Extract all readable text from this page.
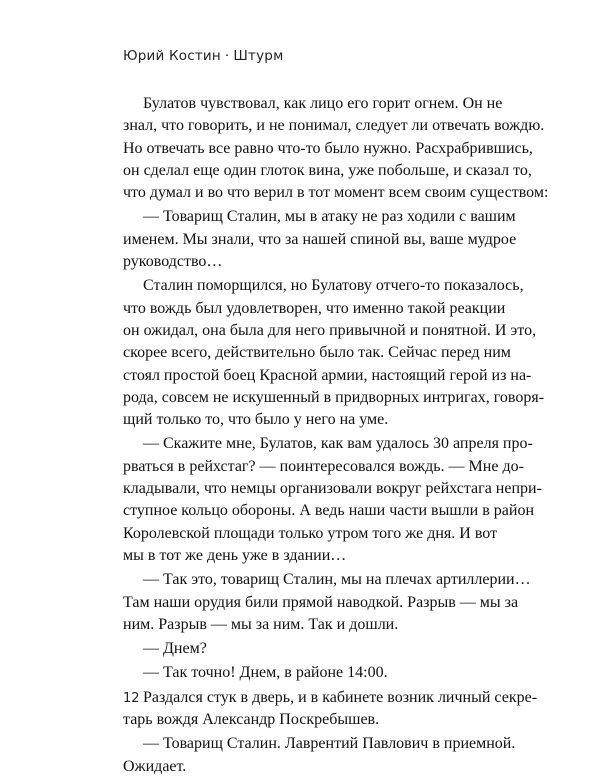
Юрий Костин · Штурм
Булатов чувствовал, как лицо его горит огнем. Он не
знал, что говорить, и не понимал, следует ли отвечать вождю.
Но отвечать все равно что-то было нужно. Расхрабрившись,
он сделал еще один глоток вина, уже побольше, и сказал то,
что думал и во что верил в тот момент всем своим существом:
— Товарищ Сталин, мы в атаку не раз ходили с вашим
именем. Мы знали, что за нашей спиной вы, ваше мудрое
руководство…
Сталин поморщился, но Булатову отчего-то показалось,
что вождь был удовлетворен, что именно такой реакции
он ожидал, она была для него привычной и понятной. И это,
скорее всего, действительно было так. Сейчас перед ним
стоял простой боец Красной армии, настоящий герой из на-
рода, совсем не искушенный в придворных интригах, говоря-
щий только то, что было у него на уме.
— Скажите мне, Булатов, как вам удалось 30 апреля про-
рваться в рейхстаг? — поинтересовался вождь. — Мне до-
кладывали, что немцы организовали вокруг рейхстага непри-
ступное кольцо обороны. А ведь наши части вышли в район
Королевской площади только утром того же дня. И вот
мы в тот же день уже в здании…
— Так это, товарищ Сталин, мы на плечах артиллерии…
Там наши орудия били прямой наводкой. Разрыв — мы за
ним. Разрыв — мы за ним. Так и дошли.
— Днем?
— Так точно! Днем, в районе 14:00.
Раздался стук в дверь, и в кабинете возник личный секре-
тарь вождя Александр Поскребышев.
— Товарищ Сталин. Лаврентий Павлович в приемной.
Ожидает.
12
